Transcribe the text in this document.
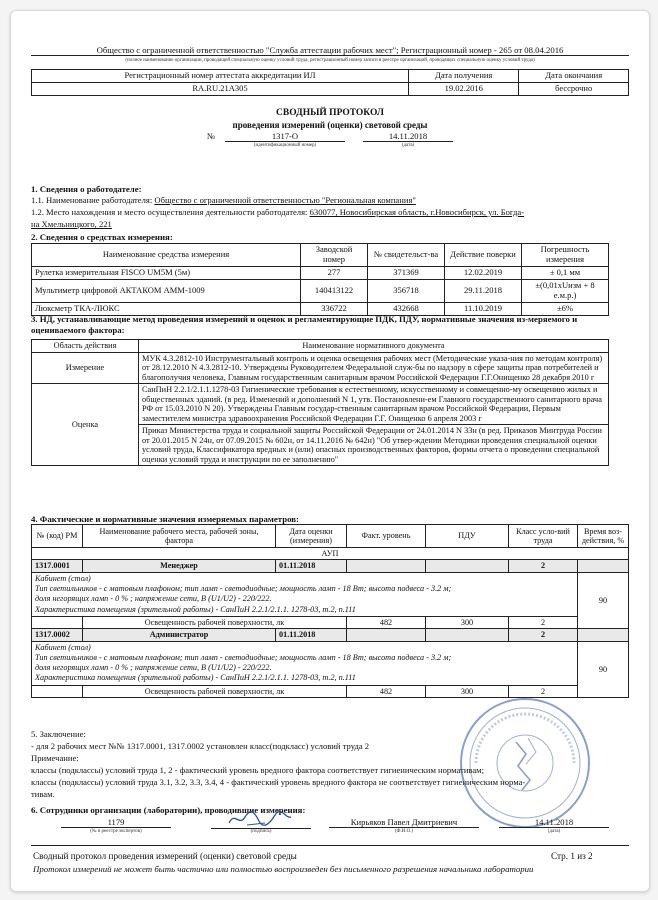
Общество с ограниченной ответственностью "Служба аттестации рабочих мест"; Регистрационный номер - 265 от 08.04.2016
(полное наименование организации, проводящей специальную оценку условий труда, регистрационный номер записи в реестре организаций, проводящих специальную оценку условий труда)
Регистрационный номер аттестата аккредитации ИЛ	Дата получения	Дата окончания
RA.RU.21A305	19.02.2016	бессрочно
СВОДНЫЙ ПРОТОКОЛ
проведения измерений (оценки) световой среды
№	1317-О	14.11.2018
(идентификационный номер)	(дата)
1. Сведения о работодателе:
1.1. Наименование работодателя: Общество с ограниченной ответственностью "Региональная компания"
1.2. Место нахождения и место осуществления деятельности работодателя: 630077, Новосибирская область, г.Новосибирск, ул. Богда-
на Хмельницкого, 221
2. Сведения о средствах измерения:
Наименование средства измерения	Заводской номер	№ свидетельст-ва	Действие поверки	Погрешность измерения
Рулетка измерительная FISCO UM5M (5м)	277	371369	12.02.2019	± 0,1 мм
Мультиметр цифровой АКТАКОМ АММ-1009	140413122	356718	29.11.2018	±(0,01хUизм + 8 е.м.р.)
Люксметр ТКА-ЛЮКС	336722	432668	11.10.2019	±6%
3. НД, устанавливающие метод проведения измерений и оценок и регламентирующие ПДК, ПДУ, нормативные значения из-меряемого и оцениваемого фактора:
Область действия	Наименование нормативного документа
Измерение	МУК 4.3.2812-10 Инструментальный контроль и оценка освещения рабочих мест (Методические указа-ния по методам контроля) от 28.12.2010 N 4.3.2812-10. Утверждены Руководителем Федеральной служ-бы по надзору в сфере защиты прав потребителей и благополучия человека, Главным государственным санитарным врачом Российской Федерации Г.Г.Онищенко 28 декабря 2010 г
Оценка	СанПиН 2.2.1/2.1.1.1278-03 Гигиенические требования к естественному, искусственному и совмещенно-му освещению жилых и общественных зданий. (в ред. Изменений и дополнений N 1, утв. Постановлени-ем Главного государственного санитарного врача РФ от 15.03.2010 N 20). Утверждены Главным государ-ственным санитарным врачом Российской Федерации, Первым заместителем министра здравоохранения Российской Федерации Г.Г. Онищенко 6 апреля 2003 г
	Приказ Министерства труда и социальной защиты Российской Федерации от 24.01.2014 N 33н (в ред. Приказов Минтруда России от 20.01.2015 N 24н, от 07.09.2015 № 602н, от 14.11.2016 № 642н) "Об утвер-ждении Методики проведения специальной оценки условий труда, Классификатора вредных и (или) опасных производственных факторов, формы отчета о проведении специальной оценки условий труда и инструкции по ее заполнению"
4. Фактические и нормативные значения измеряемых параметров:
№ (код) РМ	Наименование рабочего места, рабочей зоны, фактора	Дата оценки (измерения)	Факт. уровень	ПДУ	Класс усло-вий труда	Время воз-действия, %
АУП						
1317.0001	Менеджер	01.11.2018			2	

Кабинет (стол)
Тип светильников - с матовым плафоном; тип ламп - светодиодные; мощность ламп - 18 Вт; высота подвеса - 3.2 м;
доля негорящих ламп - 0 % ; напряжение сети, В (U1/U2) - 220/222.
Характеристика помещения (зрительной работы) - СанПиН 2.2.1/2.1.1. 1278-03, т.2, п.111						90
	Освещенность рабочей поверхности, лк		482	300	2	
1317.0002	Администратор	01.11.2018			2	

Кабинет (стол)
Тип светильников - с матовым плафоном; тип ламп - светодиодные; мощность ламп - 18 Вт; высота подвеса - 3.2 м;
доля негорящих ламп - 0 % ; напряжение сети, В (U1/U2) - 220/222.
Характеристика помещения (зрительной работы) - СанПиН 2.2.1/2.1.1. 1278-03, т.2, п.111						90
	Освещенность рабочей поверхности, лк		482	300	2	
5. Заключение:
- для 2 рабочих мест №№ 1317.0001, 1317.0002 установлен класс(подкласс) условий труда 2
Примечание:
классы (подклассы) условий труда 1, 2 - фактический уровень вредного фактора соответствует гигиеническим нормативам;
классы (подклассы) условий труда 3.1, 3.2, 3.3, 3.4, 4 - фактический уровень вредного фактора не соответствует гигиеническим норма-
тивам.
6. Сотрудники организации (лаборатории), проводившие измерения:
1179	Кирьяков Павел Дмитриевич	14.11.2018
(№ в реестре экспертов)	(подпись)	(Ф.И.О.)	(дата)
Сводный протокол проведения измерений (оценки) световой среды	Стр. 1 из 2
Протокол измерений не может быть частично или полностью воспроизведен без письменного разрешения начальника лаборатории
